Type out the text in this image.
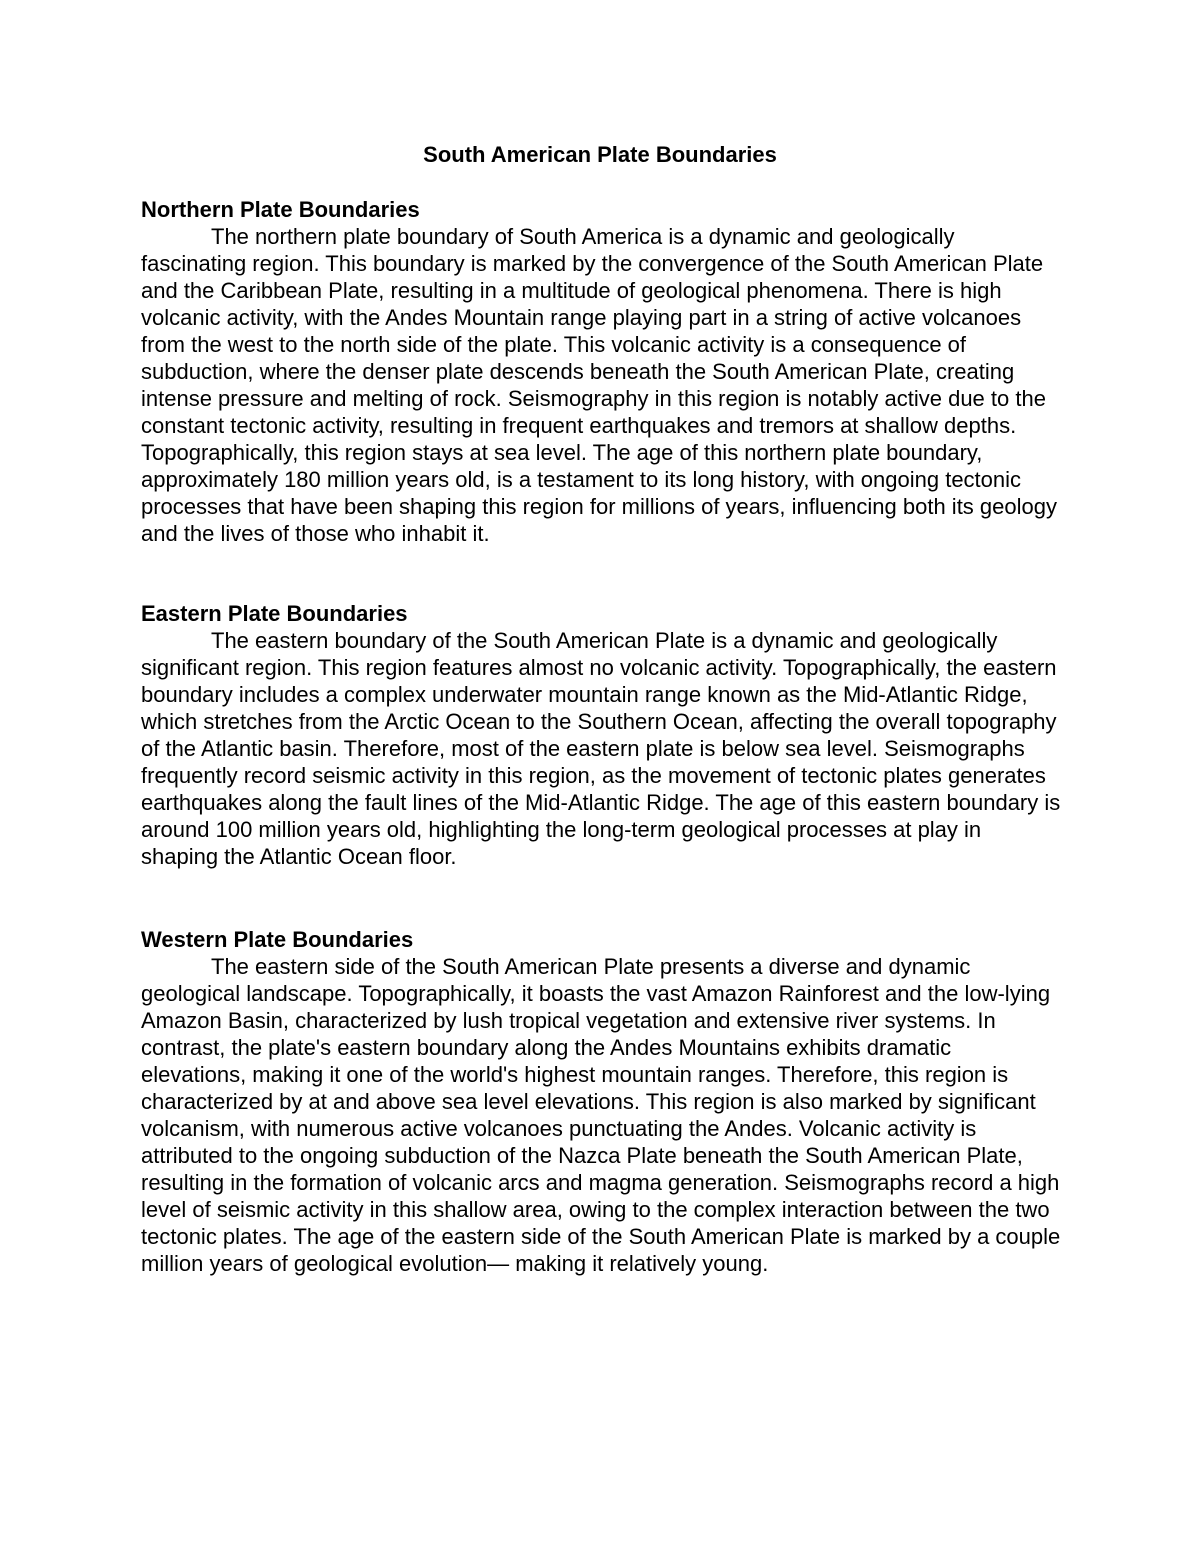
South American Plate Boundaries
Northern Plate Boundaries

The northern plate boundary of South America is a dynamic and geologically fascinating region. This boundary is marked by the convergence of the South American Plate and the Caribbean Plate, resulting in a multitude of geological phenomena. There is high volcanic activity, with the Andes Mountain range playing part in a string of active volcanoes from the west to the north side of the plate. This volcanic activity is a consequence of subduction, where the denser plate descends beneath the South American Plate, creating intense pressure and melting of rock. Seismography in this region is notably active due to the constant tectonic activity, resulting in frequent earthquakes and tremors at shallow depths. Topographically, this region stays at sea level. The age of this northern plate boundary, approximately 180 million years old, is a testament to its long history, with ongoing tectonic processes that have been shaping this region for millions of years, influencing both its geology and the lives of those who inhabit it.

Eastern Plate Boundaries

The eastern boundary of the South American Plate is a dynamic and geologically significant region. This region features almost no volcanic activity. Topographically, the eastern boundary includes a complex underwater mountain range known as the Mid-Atlantic Ridge, which stretches from the Arctic Ocean to the Southern Ocean, affecting the overall topography of the Atlantic basin. Therefore, most of the eastern plate is below sea level. Seismographs frequently record seismic activity in this region, as the movement of tectonic plates generates earthquakes along the fault lines of the Mid-Atlantic Ridge. The age of this eastern boundary is around 100 million years old, highlighting the long-term geological processes at play in shaping the Atlantic Ocean floor.

Western Plate Boundaries

The eastern side of the South American Plate presents a diverse and dynamic geological landscape. Topographically, it boasts the vast Amazon Rainforest and the low-lying Amazon Basin, characterized by lush tropical vegetation and extensive river systems. In contrast, the plate's eastern boundary along the Andes Mountains exhibits dramatic elevations, making it one of the world's highest mountain ranges. Therefore, this region is characterized by at and above sea level elevations. This region is also marked by significant volcanism, with numerous active volcanoes punctuating the Andes. Volcanic activity is attributed to the ongoing subduction of the Nazca Plate beneath the South American Plate, resulting in the formation of volcanic arcs and magma generation. Seismographs record a high level of seismic activity in this shallow area, owing to the complex interaction between the two tectonic plates. The age of the eastern side of the South American Plate is marked by a couple million years of geological evolution— making it relatively young.
